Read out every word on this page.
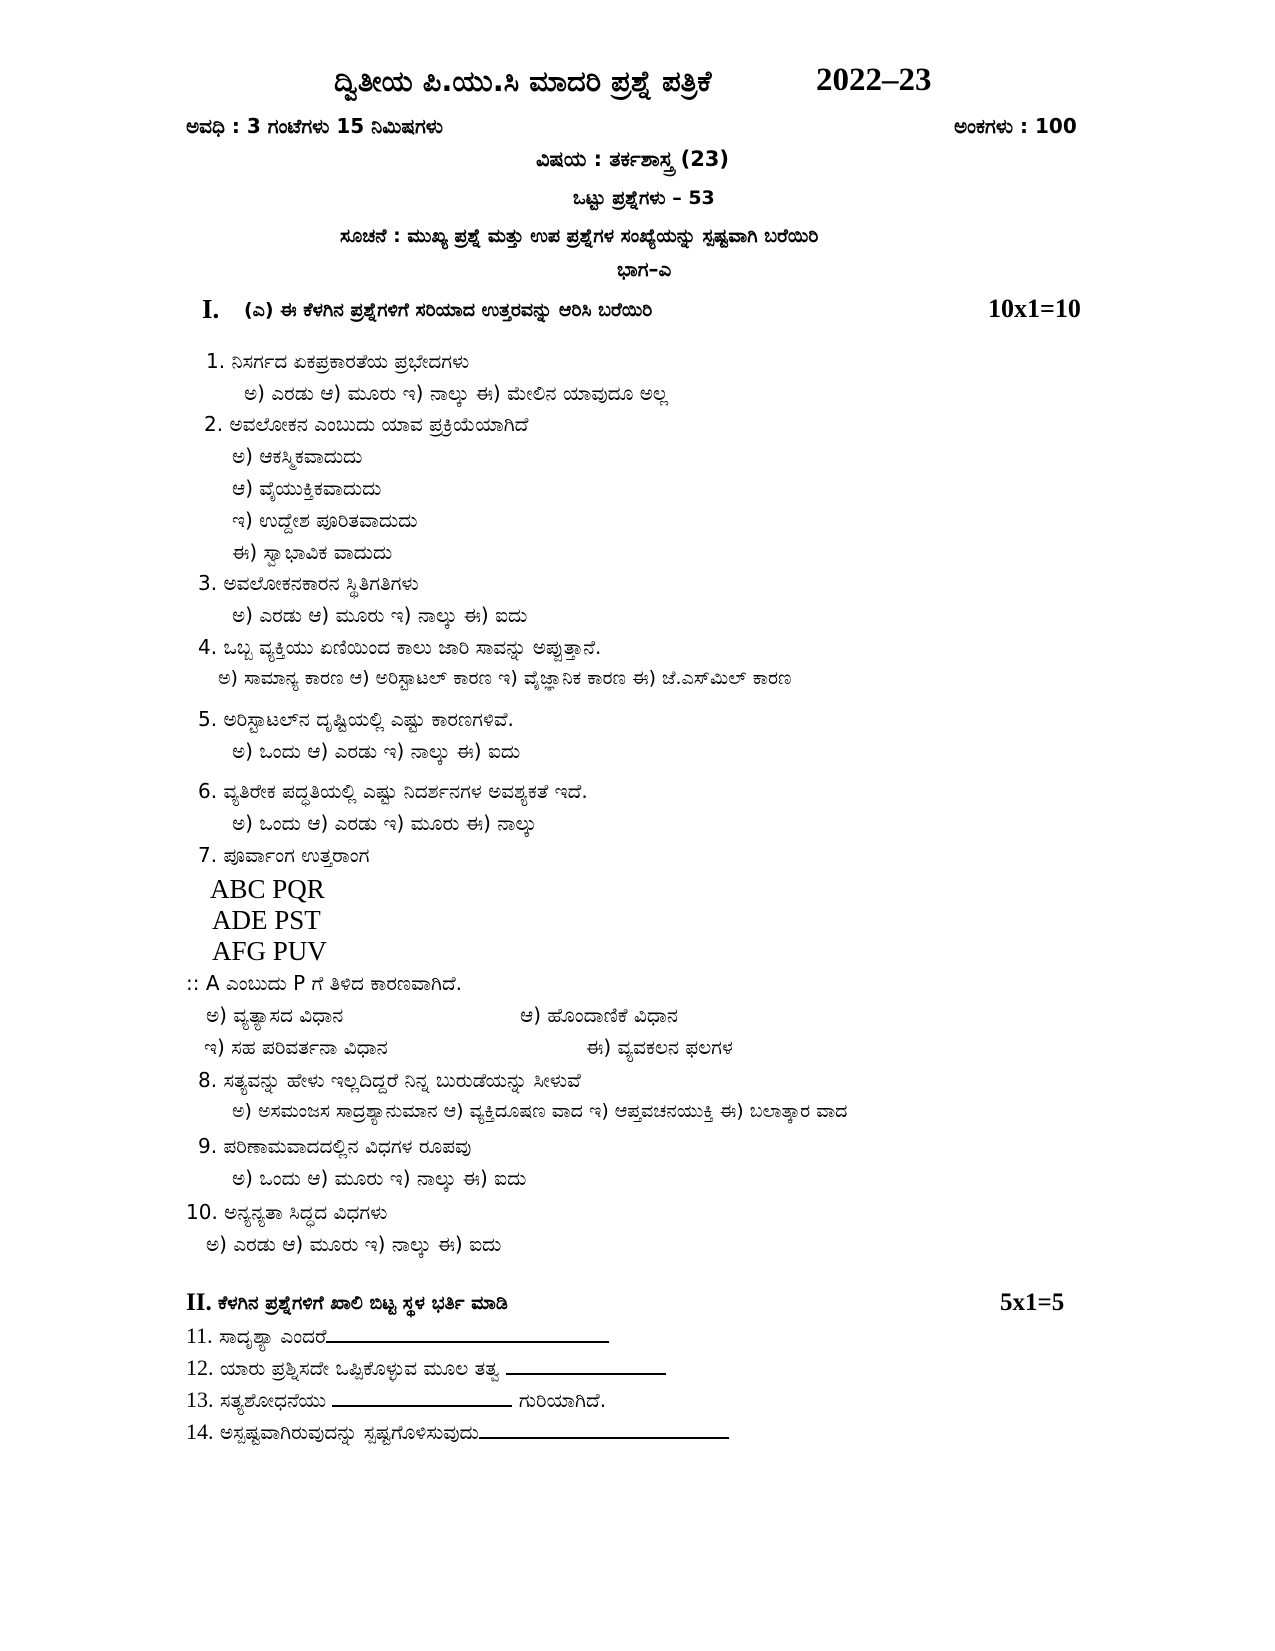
ದ್ವಿತೀಯ ಪಿ.ಯು.ಸಿ ಮಾದರಿ ಪ್ರಶ್ನೆ ಪತ್ರಿಕೆ	2022–23
ಅವಧಿ : 3 ಗಂಟೆಗಳು 15 ನಿಮಿಷಗಳು	ಅಂಕಗಳು : 100
ವಿಷಯ : ತರ್ಕಶಾಸ್ತ್ರ (23)
ಒಟ್ಟು ಪ್ರಶ್ನೆಗಳು – 53
ಸೂಚನೆ : ಮುಖ್ಯ ಪ್ರಶ್ನೆ ಮತ್ತು ಉಪ ಪ್ರಶ್ನೆಗಳ ಸಂಖ್ಯೆಯನ್ನು ಸ್ಪಷ್ಟವಾಗಿ ಬರೆಯಿರಿ
ಭಾಗ–ಎ
I. (ಎ) ಈ ಕೆಳಗಿನ ಪ್ರಶ್ನೆಗಳಿಗೆ ಸರಿಯಾದ ಉತ್ತರವನ್ನು ಆರಿಸಿ ಬರೆಯಿರಿ	10x1=10
1. ನಿಸರ್ಗದ ಏಕಪ್ರಕಾರತೆಯ ಪ್ರಭೇದಗಳು
ಅ) ಎರಡು ಆ) ಮೂರು ಇ) ನಾಲ್ಕು ಈ) ಮೇಲಿನ ಯಾವುದೂ ಅಲ್ಲ
2. ಅವಲೋಕನ ಎಂಬುದು ಯಾವ ಪ್ರಕ್ರಿಯೆಯಾಗಿದೆ
ಅ) ಆಕಸ್ಮಿಕವಾದುದು
ಆ) ವೈಯುಕ್ತಿಕವಾದುದು
ಇ) ಉದ್ದೇಶ ಪೂರಿತವಾದುದು
ಈ) ಸ್ವಾಭಾವಿಕ ವಾದುದು
3. ಅವಲೋಕನಕಾರನ ಸ್ಥಿತಿಗತಿಗಳು
ಅ) ಎರಡು ಆ) ಮೂರು ಇ) ನಾಲ್ಕು ಈ) ಐದು
4. ಒಬ್ಬ ವ್ಯಕ್ತಿಯು ಏಣಿಯಿಂದ ಕಾಲು ಜಾರಿ ಸಾವನ್ನು ಅಪ್ಪುತ್ತಾನೆ.
ಅ) ಸಾಮಾನ್ಯ ಕಾರಣ ಆ) ಅರಿಸ್ಟಾಟಲ್ ಕಾರಣ ಇ) ವೈಜ್ಞಾನಿಕ ಕಾರಣ ಈ) ಜೆ.ಎಸ್‌ಮಿಲ್ ಕಾರಣ
5. ಅರಿಸ್ಟಾಟಲ್‌ನ ದೃಷ್ಟಿಯಲ್ಲಿ ಎಷ್ಟು ಕಾರಣಗಳಿವೆ.
ಅ) ಒಂದು ಆ) ಎರಡು ಇ) ನಾಲ್ಕು ಈ) ಐದು
6. ವ್ಯತಿರೇಕ ಪದ್ಧತಿಯಲ್ಲಿ ಎಷ್ಟು ನಿದರ್ಶನಗಳ ಅವಶ್ಯಕತೆ ಇದೆ.
ಅ) ಒಂದು ಆ) ಎರಡು ಇ) ಮೂರು ಈ) ನಾಲ್ಕು
7. ಪೂರ್ವಾಂಗ ಉತ್ತರಾಂಗ
ABC PQR
ADE PST
AFG PUV
:: A ಎಂಬುದು P ಗೆ ತಿಳಿದ ಕಾರಣವಾಗಿದೆ.
ಅ) ವ್ಯತ್ಯಾಸದ ವಿಧಾನ	ಆ) ಹೊಂದಾಣಿಕೆ ವಿಧಾನ
ಇ) ಸಹ ಪರಿವರ್ತನಾ ವಿಧಾನ	ಈ) ವ್ಯವಕಲನ ಫಲಗಳ
8. ಸತ್ಯವನ್ನು ಹೇಳು ಇಲ್ಲದಿದ್ದರೆ ನಿನ್ನ ಬುರುಡೆಯನ್ನು ಸೀಳುವೆ
ಅ) ಅಸಮಂಜಸ ಸಾದ್ರಶ್ಯಾನುಮಾನ ಆ) ವ್ಯಕ್ತಿದೂಷಣ ವಾದ ಇ) ಆಪ್ತವಚನಯುಕ್ತಿ ಈ) ಬಲಾತ್ಕಾರ ವಾದ
9. ಪರಿಣಾಮವಾದದಲ್ಲಿನ ವಿಧಗಳ ರೂಪವು
ಅ) ಒಂದು ಆ) ಮೂರು ಇ) ನಾಲ್ಕು ಈ) ಐದು
10. ಅನ್ಯನ್ಯತಾ ಸಿದ್ಧದ ವಿಧಗಳು
ಅ) ಎರಡು ಆ) ಮೂರು ಇ) ನಾಲ್ಕು ಈ) ಐದು
II. ಕೆಳಗಿನ ಪ್ರಶ್ನೆಗಳಿಗೆ ಖಾಲಿ ಬಿಟ್ಟ ಸ್ಥಳ ಭರ್ತಿ ಮಾಡಿ	5x1=5
11. ಸಾದೃಶ್ಯಾ ಎಂದರೆ
12. ಯಾರು ಪ್ರಶ್ನಿಸದೇ ಒಪ್ಪಿಕೊಳ್ಳುವ ಮೂಲ ತತ್ವ
13. ಸತ್ಯಶೋಧನೆಯು	ಗುರಿಯಾಗಿದೆ.
14. ಅಸ್ಪಷ್ಟವಾಗಿರುವುದನ್ನು ಸ್ಪಷ್ಟಗೊಳಿಸುವುದು
